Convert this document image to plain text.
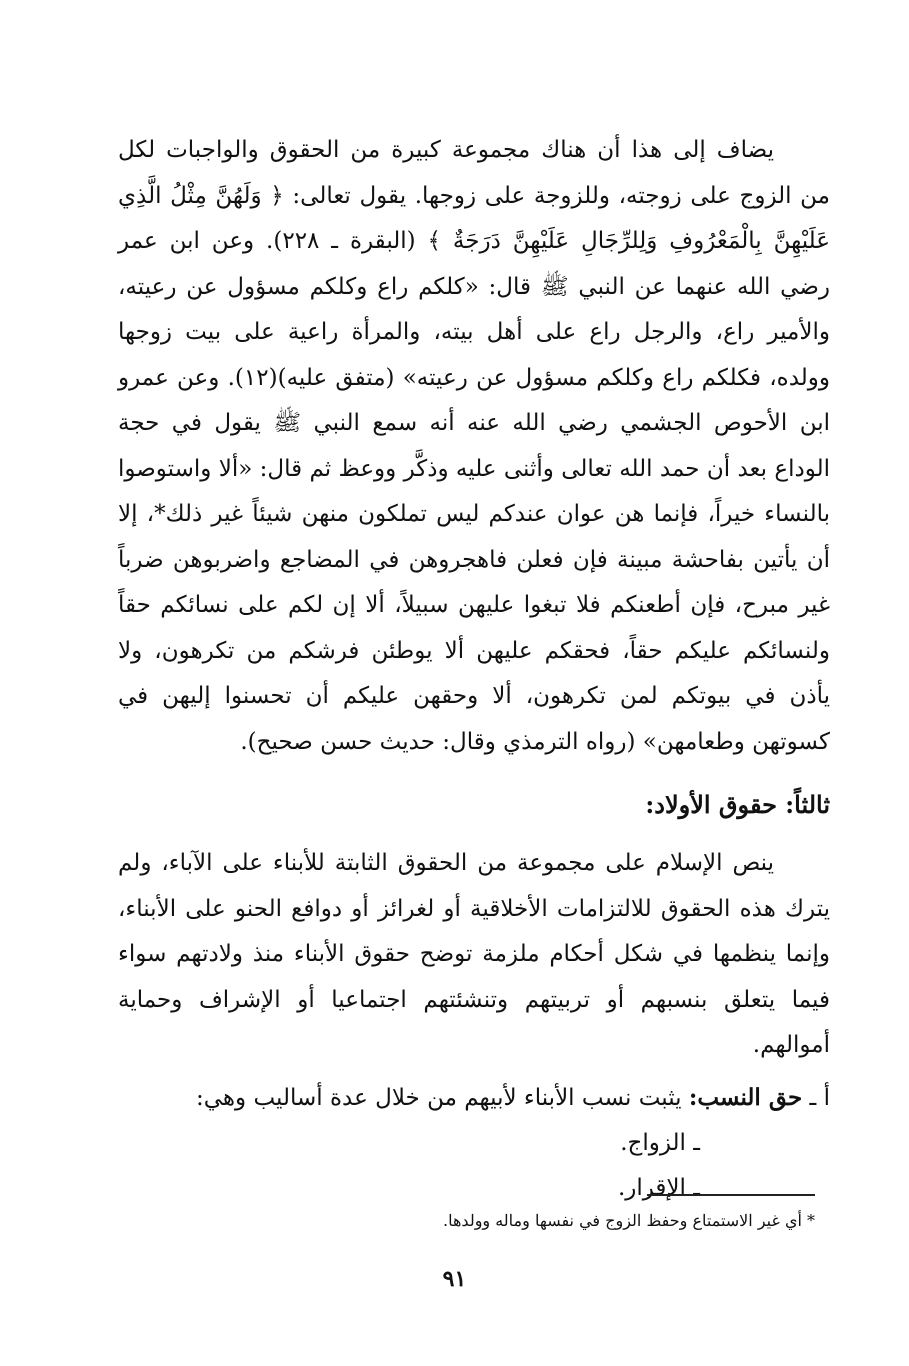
يضاف إلى هذا أن هناك مجموعة كبيرة من الحقوق والواجبات لكل من الزوج على زوجته، وللزوجة على زوجها. يقول تعالى: ﴿ وَلَهُنَّ مِثْلُ الَّذِي عَلَيْهِنَّ بِالْمَعْرُوفِ وَلِلرِّجَالِ عَلَيْهِنَّ دَرَجَةٌ ﴾ (البقرة ـ ٢٢٨). وعن ابن عمر رضي الله عنهما عن النبي ﷺ قال: «كلكم راع وكلكم مسؤول عن رعيته، والأمير راع، والرجل راع على أهل بيته، والمرأة راعية على بيت زوجها وولده، فكلكم راع وكلكم مسؤول عن رعيته» (متفق عليه)(١٢). وعن عمرو ابن الأحوص الجشمي رضي الله عنه أنه سمع النبي ﷺ يقول في حجة الوداع بعد أن حمد الله تعالى وأثنى عليه وذكَّر ووعظ ثم قال: «ألا واستوصوا بالنساء خيراً، فإنما هن عوان عندكم ليس تملكون منهن شيئاً غير ذلك*، إلا أن يأتين بفاحشة مبينة فإن فعلن فاهجروهن في المضاجع واضربوهن ضرباً غير مبرح، فإن أطعنكم فلا تبغوا عليهن سبيلاً، ألا إن لكم على نسائكم حقاً ولنسائكم عليكم حقاً، فحقكم عليهن ألا يوطئن فرشكم من تكرهون، ولا يأذن في بيوتكم لمن تكرهون، ألا وحقهن عليكم أن تحسنوا إليهن في كسوتهن وطعامهن» (رواه الترمذي وقال: حديث حسن صحيح).

ثالثاً: حقوق الأولاد:

ينص الإسلام على مجموعة من الحقوق الثابتة للأبناء على الآباء، ولم يترك هذه الحقوق للالتزامات الأخلاقية أو لغرائز أو دوافع الحنو على الأبناء، وإنما ينظمها في شكل أحكام ملزمة توضح حقوق الأبناء منذ ولادتهم سواء فيما يتعلق بنسبهم أو تربيتهم وتنشئتهم اجتماعيا أو الإشراف وحماية أموالهم.

أ ـ حق النسب: يثبت نسب الأبناء لأبيهم من خلال عدة أساليب وهي:
ـ الزواج.
ـ الإقرار.
* أي غير الاستمتاع وحفظ الزوج في نفسها وماله وولدها.
٩١
